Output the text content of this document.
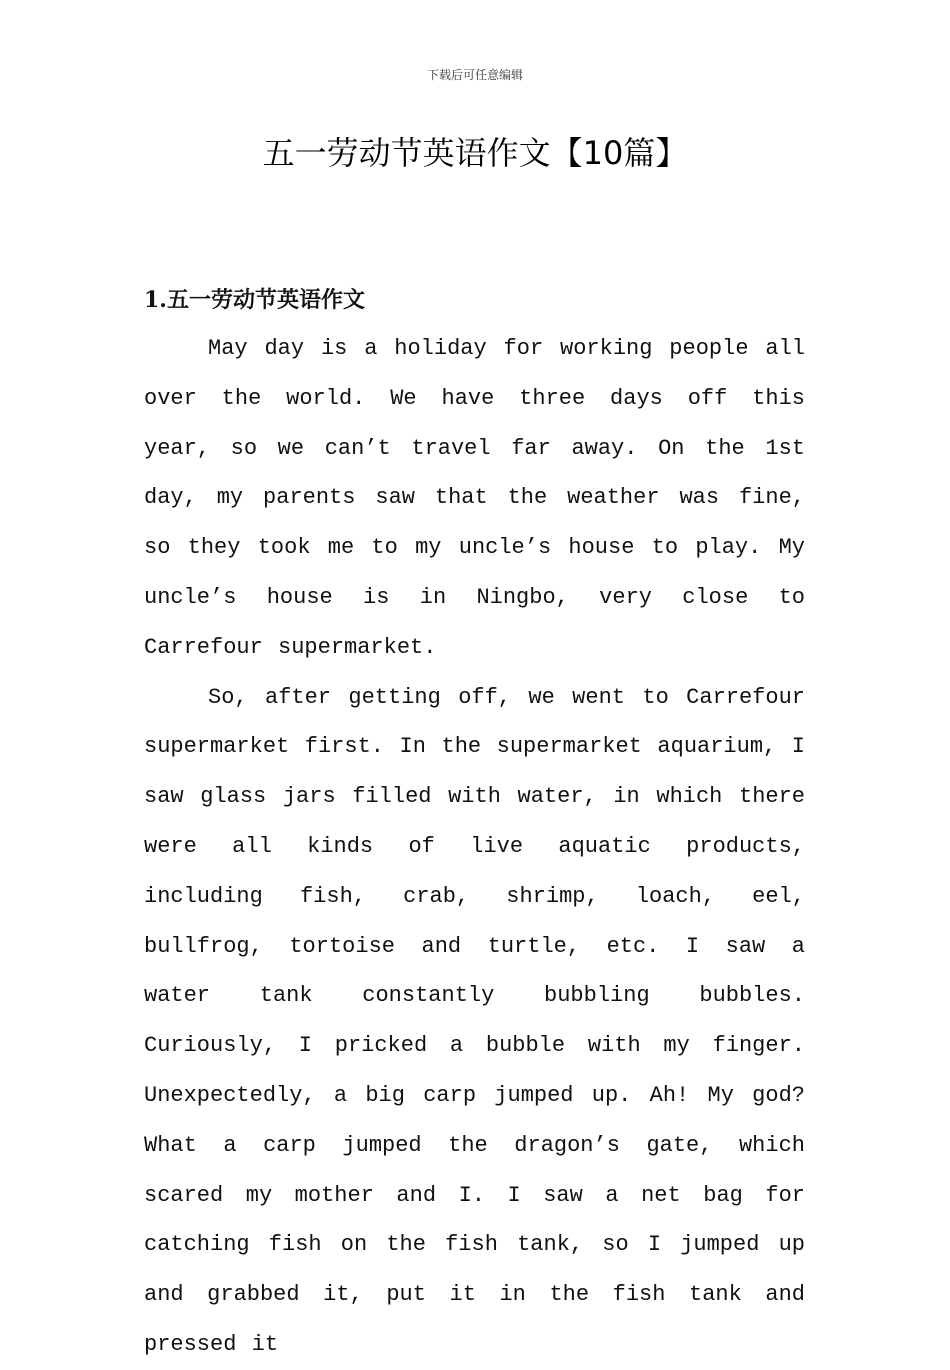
下载后可任意编辑
五一劳动节英语作文【10篇】
1.五一劳动节英语作文

May day is a holiday for working people all over the world. We have three days off this year, so we can’t travel far away. On the 1st day, my parents saw that the weather was fine, so they took me to my uncle’s house to play. My uncle’s house is in Ningbo, very close to Carrefour supermarket.

So, after getting off, we went to Carrefour supermarket first. In the supermarket aquarium, I saw glass jars filled with water, in which there were all kinds of live aquatic products, including fish, crab, shrimp, loach, eel, bullfrog, tortoise and turtle, etc. I saw a water tank constantly bubbling bubbles. Curiously, I pricked a bubble with my finger. Unexpectedly, a big carp jumped up. Ah! My god? What a carp jumped the dragon’s gate, which scared my mother and I. I saw a net bag for catching fish on the fish tank, so I jumped up and grabbed it, put it in the fish tank and pressed it
